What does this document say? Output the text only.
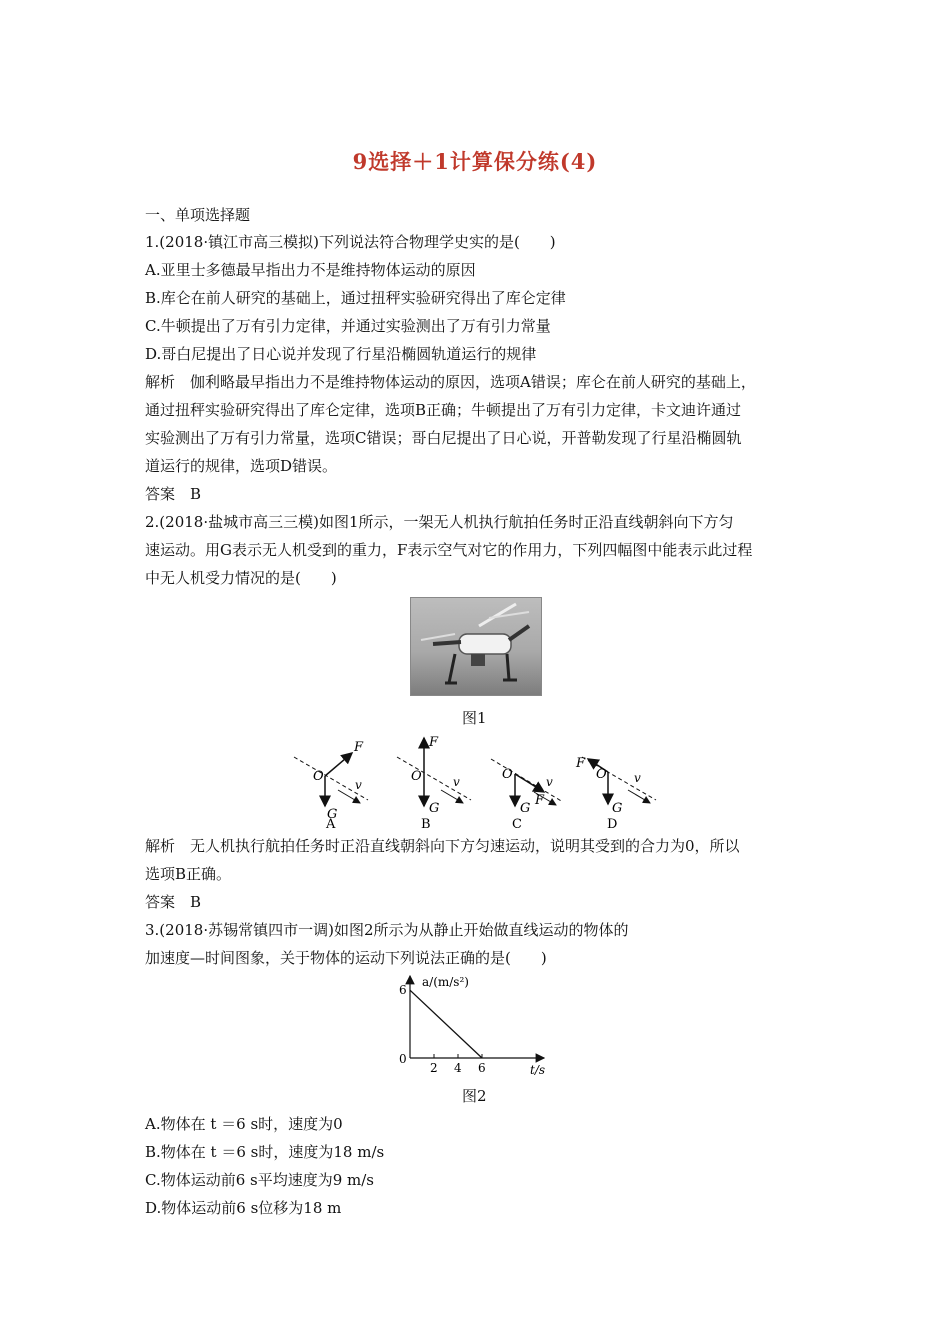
9选择＋1计算保分练(4)
一、单项选择题
1.(2018·镇江市高三模拟)下列说法符合物理学史实的是(　　)
A.亚里士多德最早指出力不是维持物体运动的原因
B.库仑在前人研究的基础上，通过扭秤实验研究得出了库仑定律
C.牛顿提出了万有引力定律，并通过实验测出了万有引力常量
D.哥白尼提出了日心说并发现了行星沿椭圆轨道运行的规律
解析　伽利略最早指出力不是维持物体运动的原因，选项A错误；库仑在前人研究的基础上，
通过扭秤实验研究得出了库仑定律，选项B正确；牛顿提出了万有引力定律，卡文迪许通过
实验测出了万有引力常量，选项C错误；哥白尼提出了日心说，开普勒发现了行星沿椭圆轨
道运行的规律，选项D错误。
答案　B
2.(2018·盐城市高三三模)如图1所示，一架无人机执行航拍任务时正沿直线朝斜向下方匀
速运动。用G表示无人机受到的重力，F表示空气对它的作用力，下列四幅图中能表示此过程
中无人机受力情况的是(　　)
图1
F
O
v
G
A
F
O	v
G
B
O	v
F
G
C
F
O v
G
D
解析　无人机执行航拍任务时正沿直线朝斜向下方匀速运动，说明其受到的合力为0，所以
选项B正确。
答案　B
3.(2018·苏锡常镇四市一调)如图2所示为从静止开始做直线运动的物体的
加速度—时间图象，关于物体的运动下列说法正确的是(　　)
a/(m/s²)
t/s
0
2 4 6
6
图2
A.物体在 t ＝6 s时，速度为0
B.物体在 t ＝6 s时，速度为18 m/s
C.物体运动前6 s平均速度为9 m/s
D.物体运动前6 s位移为18 m
